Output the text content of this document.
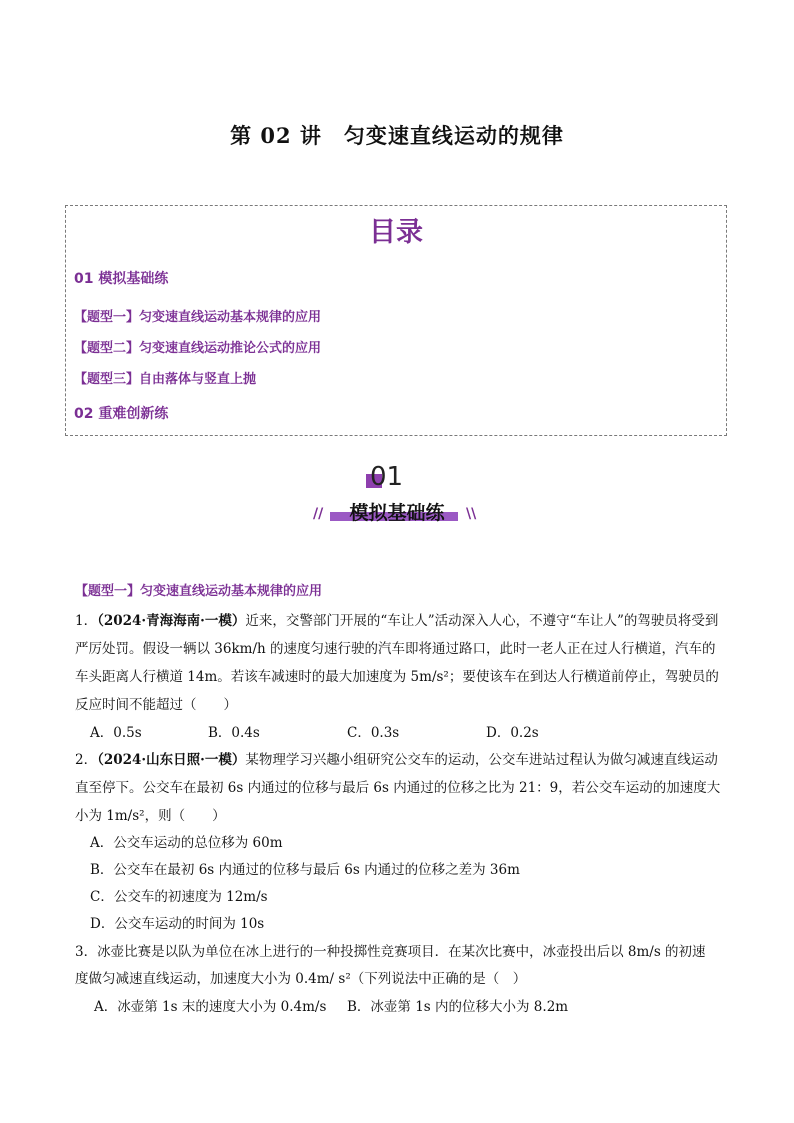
第 02 讲　匀变速直线运动的规律
目录
01 模拟基础练
【题型一】匀变速直线运动基本规律的应用
【题型二】匀变速直线运动推论公式的应用
【题型三】自由落体与竖直上抛
02 重难创新练
01
//	模拟基础练	\\
【题型一】匀变速直线运动基本规律的应用
1．（2024·青海海南·一模）近来，交警部门开展的“车让人”活动深入人心，不遵守“车让人”的驾驶员将受到
严厉处罚。假设一辆以 36km/h 的速度匀速行驶的汽车即将通过路口，此时一老人正在过人行横道，汽车的
车头距离人行横道 14m。若该车减速时的最大加速度为 5m/s²；要使该车在到达人行横道前停止，驾驶员的
反应时间不能超过（　　）
A．0.5s	B．0.4s	C．0.3s	D．0.2s
2．（2024·山东日照·一模）某物理学习兴趣小组研究公交车的运动，公交车进站过程认为做匀减速直线运动
直至停下。公交车在最初 6s 内通过的位移与最后 6s 内通过的位移之比为 21：9，若公交车运动的加速度大
小为 1m/s²，则（　　）
A．公交车运动的总位移为 60m
B．公交车在最初 6s 内通过的位移与最后 6s 内通过的位移之差为 36m
C．公交车的初速度为 12m/s
D．公交车运动的时间为 10s
3．冰壶比赛是以队为单位在冰上进行的一种投掷性竞赛项目．在某次比赛中，冰壶投出后以 8m/s 的初速
度做匀减速直线运动，加速度大小为 0.4m/ s²（下列说法中正确的是（　）
A．冰壶第 1s 末的速度大小为 0.4m/s B．冰壶第 1s 内的位移大小为 8.2m
